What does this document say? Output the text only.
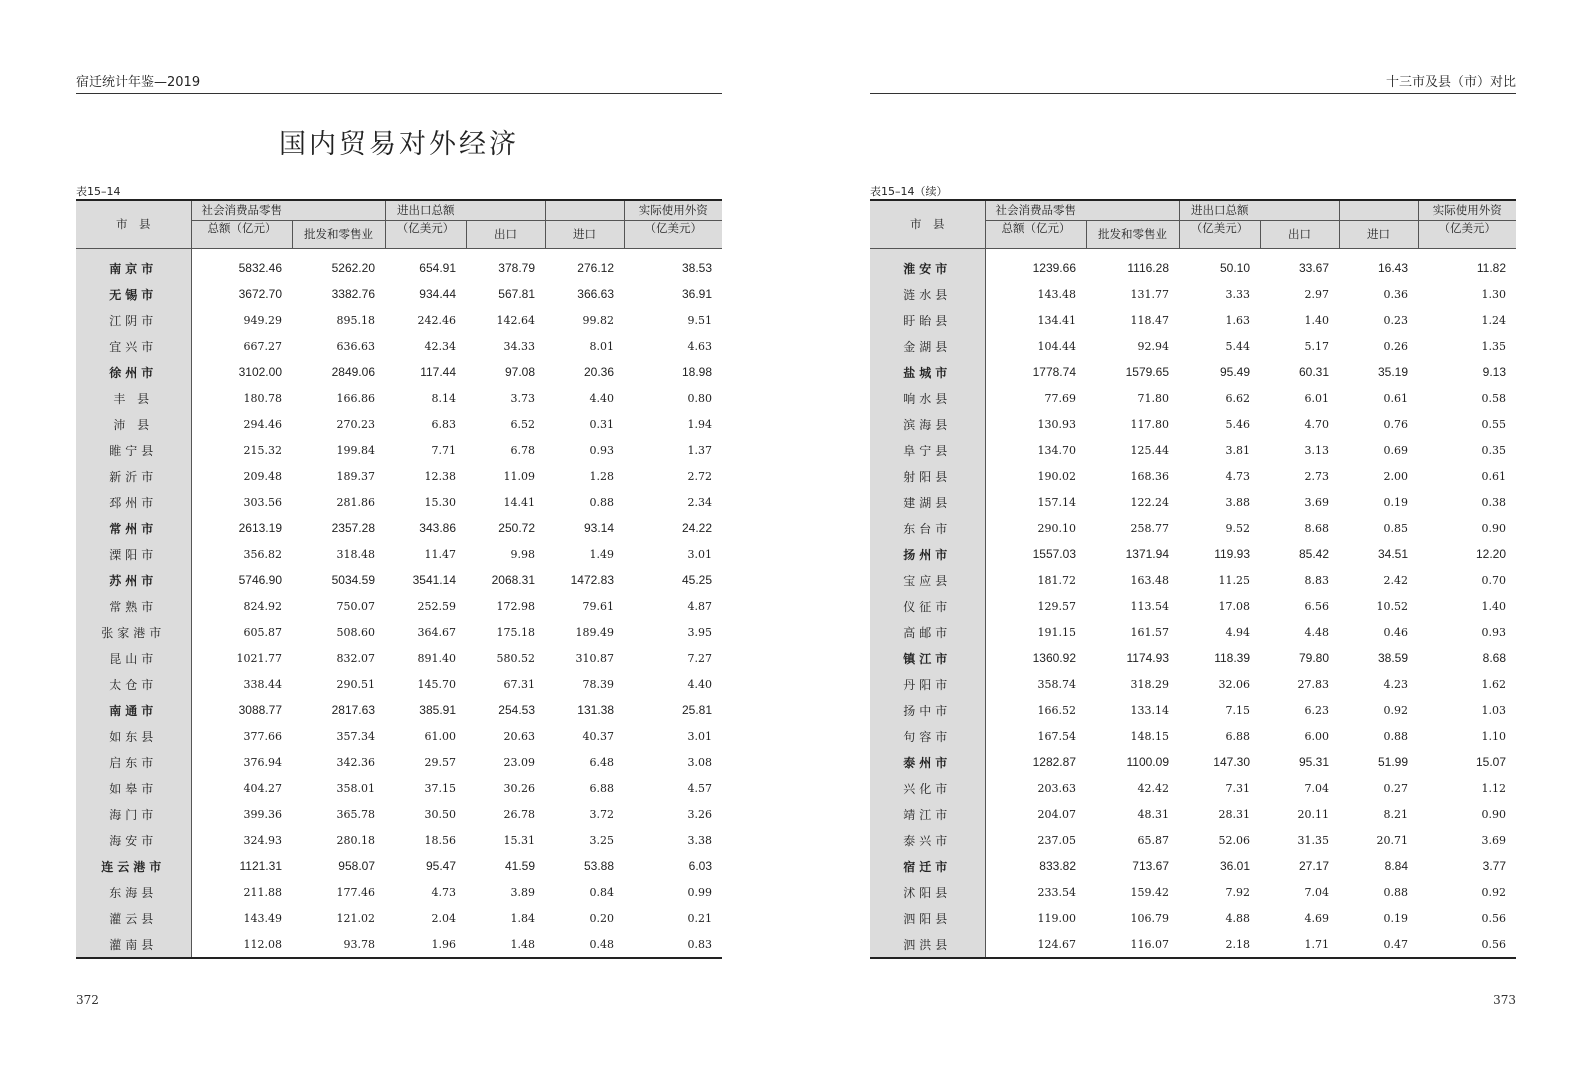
宿迁统计年鉴—2019
国内贸易对外经济
表15–14
市　县	社会消费品零售		进出口总额			实际使用外资
	总额（亿元）	批发和零售业	（亿美元）	出口	进口	（亿美元）
南京市	5832.46	5262.20	654.91	378.79	276.12	38.53
无锡市	3672.70	3382.76	934.44	567.81	366.63	36.91
江阴市	949.29	895.18	242.46	142.64	99.82	9.51
宜兴市	667.27	636.63	42.34	34.33	8.01	4.63
徐州市	3102.00	2849.06	117.44	97.08	20.36	18.98
丰 县	180.78	166.86	8.14	3.73	4.40	0.80
沛 县	294.46	270.23	6.83	6.52	0.31	1.94
睢宁县	215.32	199.84	7.71	6.78	0.93	1.37
新沂市	209.48	189.37	12.38	11.09	1.28	2.72
邳州市	303.56	281.86	15.30	14.41	0.88	2.34
常州市	2613.19	2357.28	343.86	250.72	93.14	24.22
溧阳市	356.82	318.48	11.47	9.98	1.49	3.01
苏州市	5746.90	5034.59	3541.14	2068.31	1472.83	45.25
常熟市	824.92	750.07	252.59	172.98	79.61	4.87
张家港市	605.87	508.60	364.67	175.18	189.49	3.95
昆山市	1021.77	832.07	891.40	580.52	310.87	7.27
太仓市	338.44	290.51	145.70	67.31	78.39	4.40
南通市	3088.77	2817.63	385.91	254.53	131.38	25.81
如东县	377.66	357.34	61.00	20.63	40.37	3.01
启东市	376.94	342.36	29.57	23.09	6.48	3.08
如皋市	404.27	358.01	37.15	30.26	6.88	4.57
海门市	399.36	365.78	30.50	26.78	3.72	3.26
海安市	324.93	280.18	18.56	15.31	3.25	3.38
连云港市	1121.31	958.07	95.47	41.59	53.88	6.03
东海县	211.88	177.46	4.73	3.89	0.84	0.99
灌云县	143.49	121.02	2.04	1.84	0.20	0.21
灌南县	112.08	93.78	1.96	1.48	0.48	0.83
372
十三市及县（市）对比
表15–14（续）
市　县	社会消费品零售		进出口总额			实际使用外资
	总额（亿元）	批发和零售业	（亿美元）	出口	进口	（亿美元）
淮安市	1239.66	1116.28	50.10	33.67	16.43	11.82
涟水县	143.48	131.77	3.33	2.97	0.36	1.30
盱眙县	134.41	118.47	1.63	1.40	0.23	1.24
金湖县	104.44	92.94	5.44	5.17	0.26	1.35
盐城市	1778.74	1579.65	95.49	60.31	35.19	9.13
响水县	77.69	71.80	6.62	6.01	0.61	0.58
滨海县	130.93	117.80	5.46	4.70	0.76	0.55
阜宁县	134.70	125.44	3.81	3.13	0.69	0.35
射阳县	190.02	168.36	4.73	2.73	2.00	0.61
建湖县	157.14	122.24	3.88	3.69	0.19	0.38
东台市	290.10	258.77	9.52	8.68	0.85	0.90
扬州市	1557.03	1371.94	119.93	85.42	34.51	12.20
宝应县	181.72	163.48	11.25	8.83	2.42	0.70
仪征市	129.57	113.54	17.08	6.56	10.52	1.40
高邮市	191.15	161.57	4.94	4.48	0.46	0.93
镇江市	1360.92	1174.93	118.39	79.80	38.59	8.68
丹阳市	358.74	318.29	32.06	27.83	4.23	1.62
扬中市	166.52	133.14	7.15	6.23	0.92	1.03
句容市	167.54	148.15	6.88	6.00	0.88	1.10
泰州市	1282.87	1100.09	147.30	95.31	51.99	15.07
兴化市	203.63	42.42	7.31	7.04	0.27	1.12
靖江市	204.07	48.31	28.31	20.11	8.21	0.90
泰兴市	237.05	65.87	52.06	31.35	20.71	3.69
宿迁市	833.82	713.67	36.01	27.17	8.84	3.77
沭阳县	233.54	159.42	7.92	7.04	0.88	0.92
泗阳县	119.00	106.79	4.88	4.69	0.19	0.56
泗洪县	124.67	116.07	2.18	1.71	0.47	0.56
373
